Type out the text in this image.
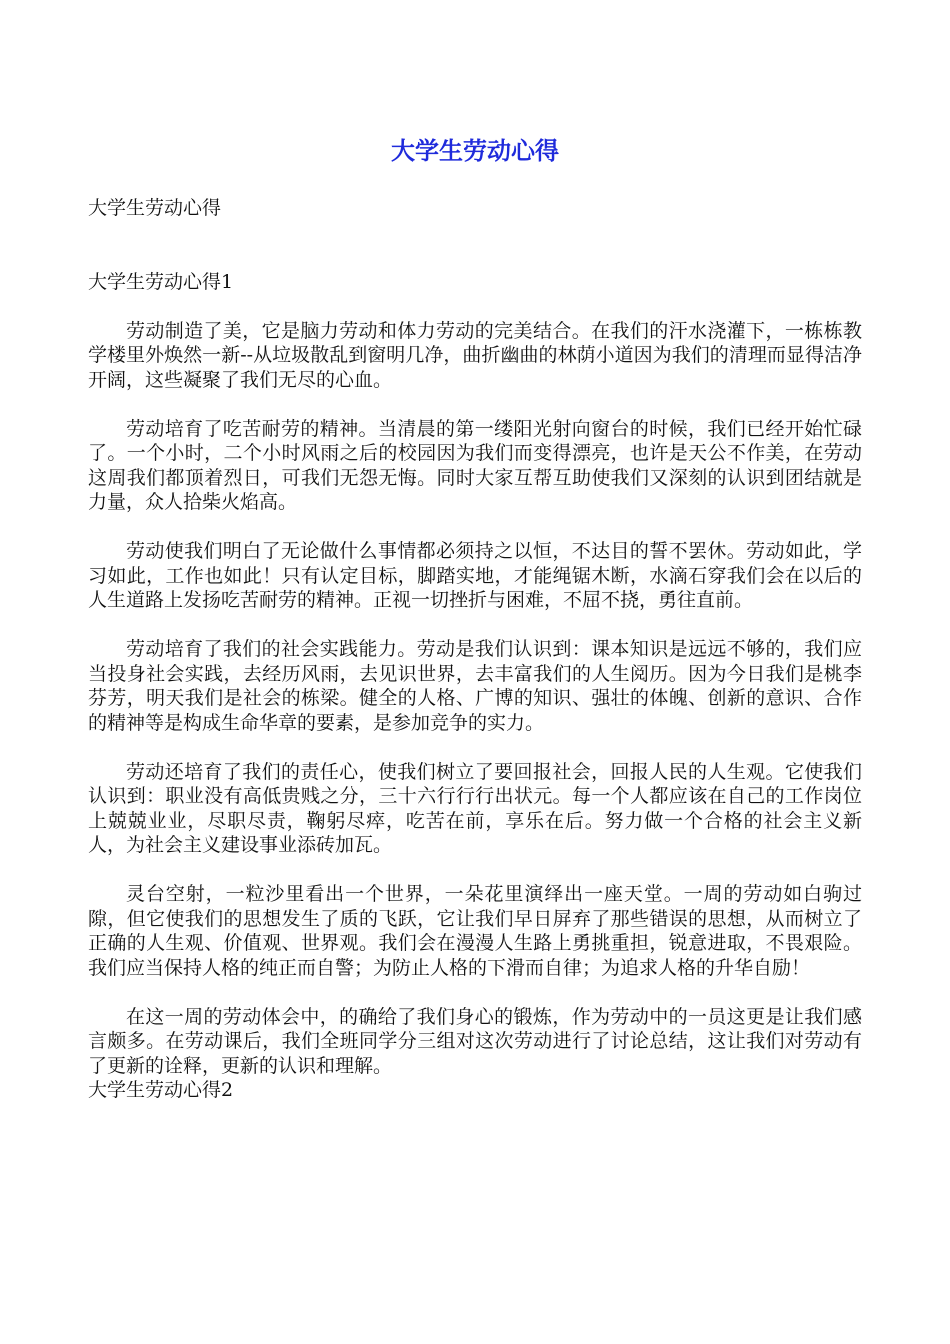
大学生劳动心得

大学生劳动心得

大学生劳动心得1

劳动制造了美，它是脑力劳动和体力劳动的完美结合。在我们的汗水浇灌下，一栋栋教学楼里外焕然一新--从垃圾散乱到窗明几净，曲折幽曲的林荫小道因为我们的清理而显得洁净开阔，这些凝聚了我们无尽的心血。

劳动培育了吃苦耐劳的精神。当清晨的第一缕阳光射向窗台的时候，我们已经开始忙碌了。一个小时，二个小时风雨之后的校园因为我们而变得漂亮，也许是天公不作美，在劳动这周我们都顶着烈日，可我们无怨无悔。同时大家互帮互助使我们又深刻的认识到团结就是力量，众人拾柴火焰高。

劳动使我们明白了无论做什么事情都必须持之以恒，不达目的誓不罢休。劳动如此，学习如此，工作也如此！只有认定目标，脚踏实地，才能绳锯木断，水滴石穿我们会在以后的人生道路上发扬吃苦耐劳的精神。正视一切挫折与困难，不屈不挠，勇往直前。

劳动培育了我们的社会实践能力。劳动是我们认识到：课本知识是远远不够的，我们应当投身社会实践，去经历风雨，去见识世界，去丰富我们的人生阅历。因为今日我们是桃李芬芳，明天我们是社会的栋梁。健全的人格、广博的知识、强壮的体魄、创新的意识、合作的精神等是构成生命华章的要素，是参加竞争的实力。

劳动还培育了我们的责任心，使我们树立了要回报社会，回报人民的人生观。它使我们认识到：职业没有高低贵贱之分，三十六行行行出状元。每一个人都应该在自己的工作岗位上兢兢业业，尽职尽责，鞠躬尽瘁，吃苦在前，享乐在后。努力做一个合格的社会主义新人，为社会主义建设事业添砖加瓦。

灵台空射，一粒沙里看出一个世界，一朵花里演绎出一座天堂。一周的劳动如白驹过隙，但它使我们的思想发生了质的飞跃，它让我们早日屏弃了那些错误的思想，从而树立了正确的人生观、价值观、世界观。我们会在漫漫人生路上勇挑重担，锐意进取，不畏艰险。我们应当保持人格的纯正而自警；为防止人格的下滑而自律；为追求人格的升华自励！

在这一周的劳动体会中，的确给了我们身心的锻炼，作为劳动中的一员这更是让我们感言颇多。在劳动课后，我们全班同学分三组对这次劳动进行了讨论总结，这让我们对劳动有了更新的诠释，更新的认识和理解。

大学生劳动心得2
